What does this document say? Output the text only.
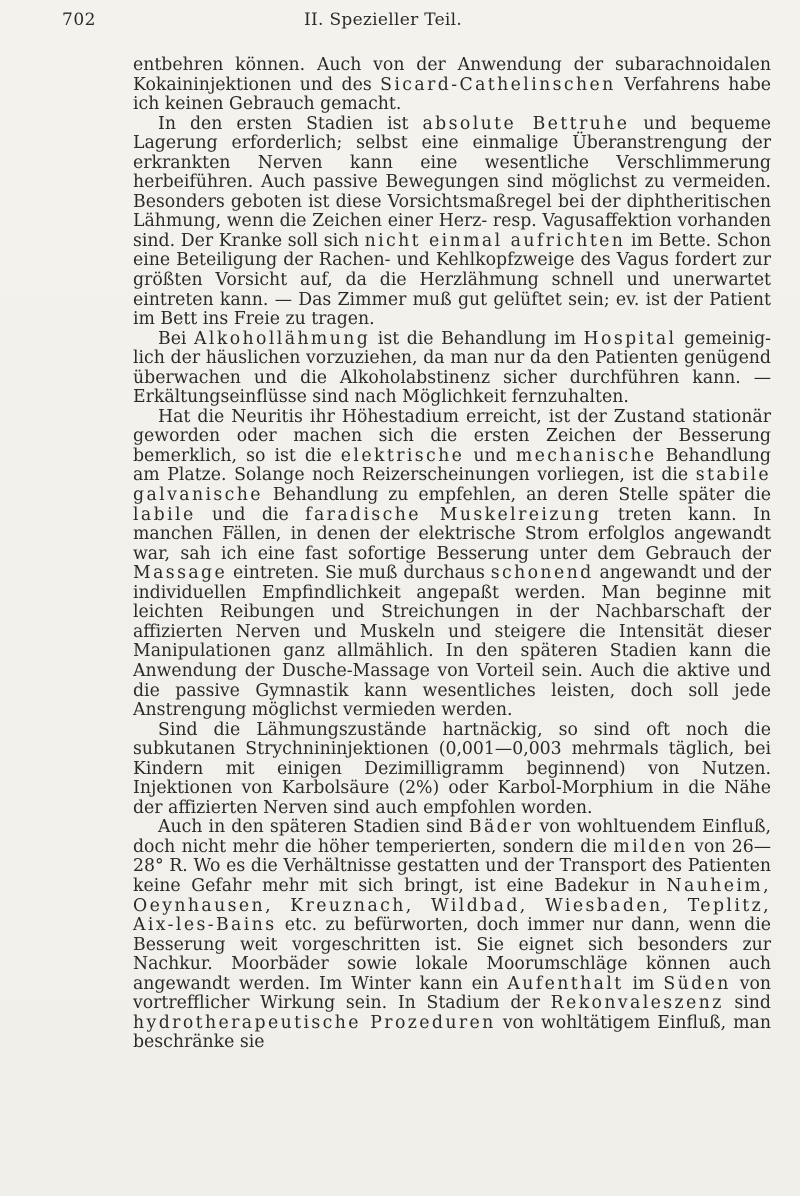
702	II. Spezieller Teil.

entbehren können. Auch von der Anwendung der subarachnoidalen Kokaininjektionen und des Sicard-Cathelinschen Verfahrens habe ich keinen Gebrauch gemacht.

In den ersten Stadien ist absolute Bettruhe und bequeme Lagerung erforderlich; selbst eine einmalige Überanstrengung der erkrankten Nerven kann eine wesentliche Verschlimmerung herbeiführen. Auch passive Bewegungen sind möglichst zu vermeiden. Besonders geboten ist diese Vorsichtsmaßregel bei der diphtheritischen Lähmung, wenn die Zeichen einer Herz- resp. Vagusaffektion vorhanden sind. Der Kranke soll sich nicht einmal aufrichten im Bette. Schon eine Beteiligung der Rachen- und Kehlkopfzweige des Vagus fordert zur größten Vorsicht auf, da die Herzlähmung schnell und unerwartet eintreten kann. — Das Zimmer muß gut gelüftet sein; ev. ist der Patient im Bett ins Freie zu tragen.

Bei Alkohollähmung ist die Behandlung im Hospital gemeinig-lich der häuslichen vorzuziehen, da man nur da den Patienten genügend überwachen und die Alkoholabstinenz sicher durchführen kann. — Erkältungseinflüsse sind nach Möglichkeit fernzuhalten.

Hat die Neuritis ihr Höhestadium erreicht, ist der Zustand stationär geworden oder machen sich die ersten Zeichen der Besserung bemerklich, so ist die elektrische und mechanische Behandlung am Platze. Solange noch Reizerscheinungen vorliegen, ist die stabile galvanische Behandlung zu empfehlen, an deren Stelle später die labile und die faradische Muskelreizung treten kann. In manchen Fällen, in denen der elektrische Strom erfolglos angewandt war, sah ich eine fast sofortige Besserung unter dem Gebrauch der Massage eintreten. Sie muß durchaus schonend angewandt und der individuellen Empfindlichkeit angepaßt werden. Man beginne mit leichten Reibungen und Streichungen in der Nachbarschaft der affizierten Nerven und Muskeln und steigere die Intensität dieser Manipulationen ganz allmählich. In den späteren Stadien kann die Anwendung der Dusche-Massage von Vorteil sein. Auch die aktive und die passive Gymnastik kann wesentliches leisten, doch soll jede Anstrengung möglichst vermieden werden.

Sind die Lähmungszustände hartnäckig, so sind oft noch die subkutanen Strychnininjektionen (0,001—0,003 mehrmals täglich, bei Kindern mit einigen Dezimilligramm beginnend) von Nutzen. Injektionen von Karbolsäure (2%) oder Karbol-Morphium in die Nähe der affizierten Nerven sind auch empfohlen worden.

Auch in den späteren Stadien sind Bäder von wohltuendem Einfluß, doch nicht mehr die höher temperierten, sondern die milden von 26—28° R. Wo es die Verhältnisse gestatten und der Transport des Patienten keine Gefahr mehr mit sich bringt, ist eine Badekur in Nauheim, Oeynhausen, Kreuznach, Wildbad, Wiesbaden, Teplitz, Aix-les-Bains etc. zu befürworten, doch immer nur dann, wenn die Besserung weit vorgeschritten ist. Sie eignet sich besonders zur Nachkur. Moorbäder sowie lokale Moorumschläge können auch angewandt werden. Im Winter kann ein Aufenthalt im Süden von vortrefflicher Wirkung sein. In Stadium der Rekonvaleszenz sind hydrotherapeutische Prozeduren von wohltätigem Einfluß, man beschränke sie
